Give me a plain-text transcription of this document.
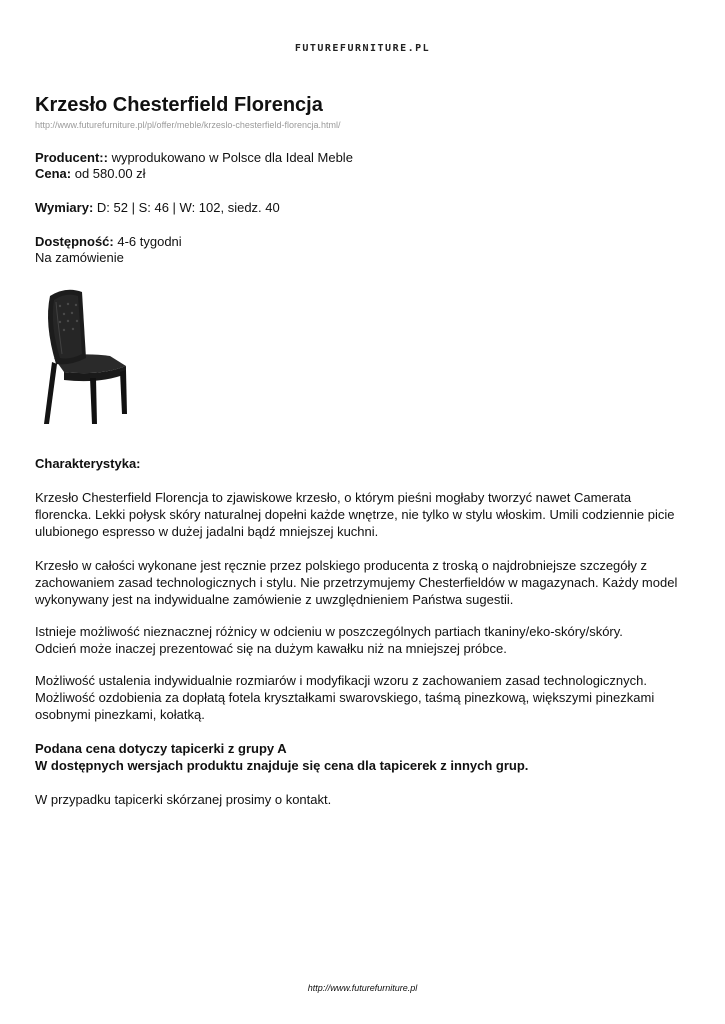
FUTUREFURNITURE.PL
Krzesło Chesterfield Florencja
http://www.futurefurniture.pl/pl/offer/meble/krzeslo-chesterfield-florencja.html/
Producent:: wyprodukowano w Polsce dla Ideal Meble
Cena: od 580.00 zł
Wymiary: D: 52 | S: 46 | W: 102, siedz. 40
Dostępność: 4-6 tygodni
Na zamówienie
Charakterystyka:

Krzesło Chesterfield Florencja to zjawiskowe krzesło, o którym pieśni mogłaby tworzyć nawet Camerata florencka. Lekki połysk skóry naturalnej dopełni każde wnętrze, nie tylko w stylu włoskim. Umili codziennie picie ulubionego espresso w dużej jadalni bądź mniejszej kuchni.

Krzesło w całości wykonane jest ręcznie przez polskiego producenta z troską o najdrobniejsze szczegóły z zachowaniem zasad technologicznych i stylu. Nie przetrzymujemy Chesterfieldów w magazynach. Każdy model wykonywany jest na indywidualne zamówienie z uwzględnieniem Państwa sugestii.

Istnieje możliwość nieznacznej różnicy w odcieniu w poszczególnych partiach tkaniny/eko-skóry/skóry.

Odcień może inaczej prezentować się na dużym kawałku niż na mniejszej próbce.

Możliwość ustalenia indywidualnie rozmiarów i modyfikacji wzoru z zachowaniem zasad technologicznych.

Możliwość ozdobienia za dopłatą fotela kryształkami swarovskiego, taśmą pinezkową, większymi pinezkami osobnymi pinezkami, kołatką.

Podana cena dotyczy tapicerki z grupy A

W dostępnych wersjach produktu znajduje się cena dla tapicerek z innych grup.

W przypadku tapicerki skórzanej prosimy o kontakt.

http://www.futurefurniture.pl
